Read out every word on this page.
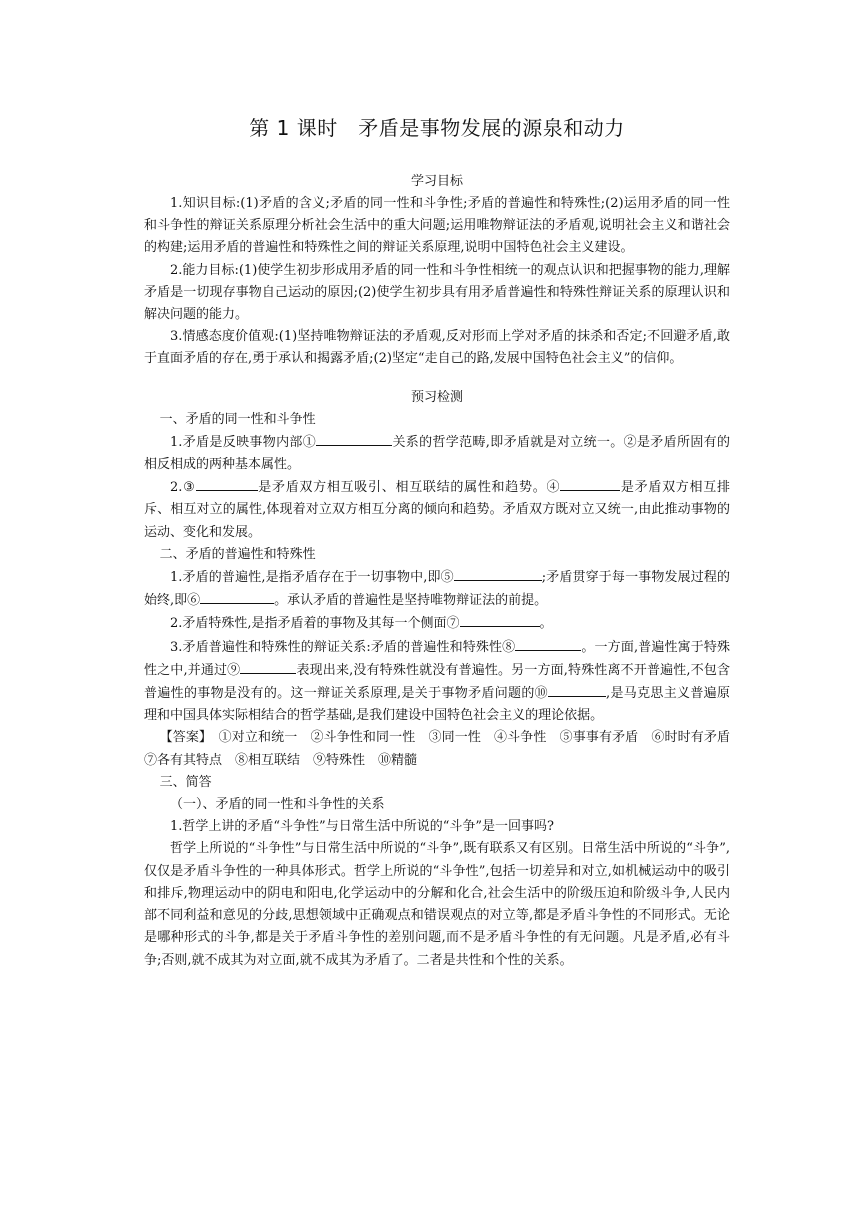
第 1 课时　矛盾是事物发展的源泉和动力
学习目标

1.知识目标:(1)矛盾的含义;矛盾的同一性和斗争性;矛盾的普遍性和特殊性;(2)运用矛盾的同一性和斗争性的辩证关系原理分析社会生活中的重大问题;运用唯物辩证法的矛盾观,说明社会主义和谐社会的构建;运用矛盾的普遍性和特殊性之间的辩证关系原理,说明中国特色社会主义建设。

2.能力目标:(1)使学生初步形成用矛盾的同一性和斗争性相统一的观点认识和把握事物的能力,理解矛盾是一切现存事物自己运动的原因;(2)使学生初步具有用矛盾普遍性和特殊性辩证关系的原理认识和解决问题的能力。

3.情感态度价值观:(1)坚持唯物辩证法的矛盾观,反对形而上学对矛盾的抹杀和否定;不回避矛盾,敢于直面矛盾的存在,勇于承认和揭露矛盾;(2)坚定“走自己的路,发展中国特色社会主义”的信仰。

预习检测

一、矛盾的同一性和斗争性

1.矛盾是反映事物内部①	关系的哲学范畴,即矛盾就是对立统一。②是矛盾所固有的相反相成的两种基本属性。

2.③	是矛盾双方相互吸引、相互联结的属性和趋势。④	是矛盾双方相互排斥、相互对立的属性,体现着对立双方相互分离的倾向和趋势。矛盾双方既对立又统一,由此推动事物的运动、变化和发展。

二、矛盾的普遍性和特殊性

1.矛盾的普遍性,是指矛盾存在于一切事物中,即⑤	;矛盾贯穿于每一事物发展过程的始终,即⑥	。承认矛盾的普遍性是坚持唯物辩证法的前提。

2.矛盾特殊性,是指矛盾着的事物及其每一个侧面⑦	。

3.矛盾普遍性和特殊性的辩证关系:矛盾的普遍性和特殊性⑧	。一方面,普遍性寓于特殊性之中,并通过⑨	表现出来,没有特殊性就没有普遍性。另一方面,特殊性离不开普遍性,不包含普遍性的事物是没有的。这一辩证关系原理,是关于事物矛盾问题的⑩	,是马克思主义普遍原理和中国具体实际相结合的哲学基础,是我们建设中国特色社会主义的理论依据。

【答案】　 ①对立和统一　②斗争性和同一性　③同一性　④斗争性　⑤事事有矛盾　⑥时时有矛盾　⑦各有其特点　⑧相互联结　⑨特殊性　⑩精髓

三、简答

（一）、矛盾的同一性和斗争性的关系

1.哲学上讲的矛盾“斗争性”与日常生活中所说的“斗争”是一回事吗?

哲学上所说的“斗争性”与日常生活中所说的“斗争”,既有联系又有区别。日常生活中所说的“斗争”,仅仅是矛盾斗争性的一种具体形式。哲学上所说的“斗争性”,包括一切差异和对立,如机械运动中的吸引和排斥,物理运动中的阴电和阳电,化学运动中的分解和化合,社会生活中的阶级压迫和阶级斗争,人民内部不同利益和意见的分歧,思想领域中正确观点和错误观点的对立等,都是矛盾斗争性的不同形式。无论是哪种形式的斗争,都是关于矛盾斗争性的差别问题,而不是矛盾斗争性的有无问题。凡是矛盾,必有斗争;否则,就不成其为对立面,就不成其为矛盾了。二者是共性和个性的关系。
